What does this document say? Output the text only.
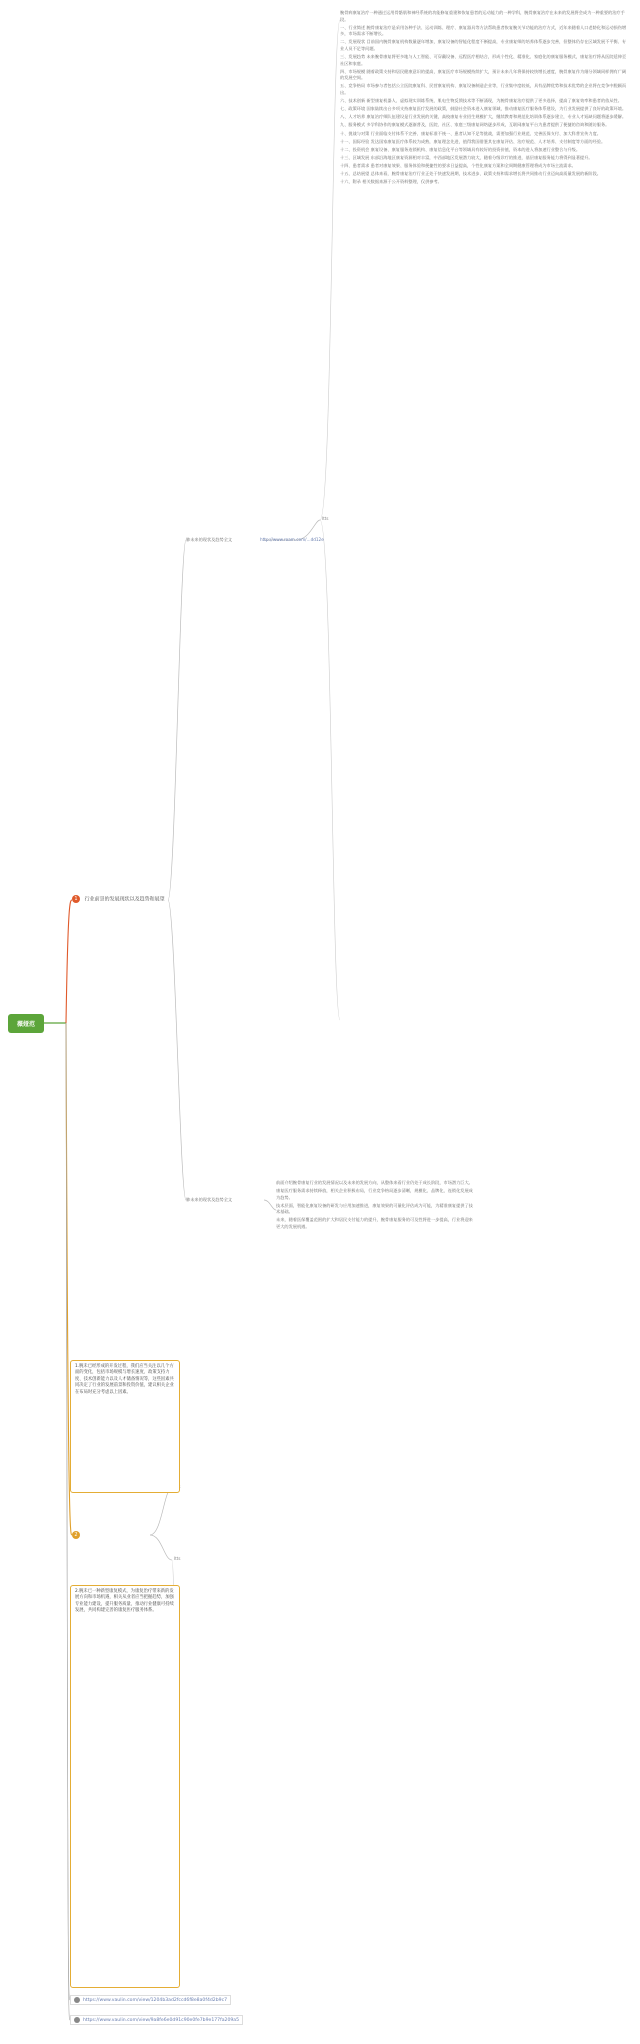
薇娅范
1 行业前景的发展现状以及趋势和展望
2
肺未来的现状及趋势全文	http://www.roam.com/...dd12e
肺未来的现状及趋势全文
Itts
Itts

腕骨病康复治疗一种通过运用骨骼肌和神经系统的功能修复重建和恢复患者的运动能力的一种学科，腕骨康复治疗在未来的发展将会成为一种重要的治疗手段。

一、行业简述 腕骨康复治疗是采用各种手法、运动训练、理疗、康复器具等方法帮助患者恢复腕关节功能的治疗方式，近年来随着人口老龄化和运动损伤增多，市场需求不断增长。

二、发展现状 目前国内腕骨康复机构数量逐年增加，康复设备的智能化程度不断提高，专业康复师的培养体系逐步完善，但整体仍存在区域发展不平衡、专业人员不足等问题。

三、发展趋势 未来腕骨康复将更多地与人工智能、可穿戴设备、远程医疗相结合，形成个性化、精准化、家庭化的康复服务模式，康复治疗将从医院延伸至社区和家庭。

四、市场规模 随着政策支持和居民健康意识的提高，康复医疗市场规模持续扩大，预计未来几年将保持较快增长速度，腕骨康复作为细分领域同样拥有广阔的发展空间。

五、竞争格局 市场参与者包括公立医院康复科、民营康复机构、康复设备制造企业等，行业集中度较低，具有品牌优势和技术优势的企业将在竞争中脱颖而出。

六、技术创新 新型康复机器人、虚拟现实训练系统、肌电生物反馈技术等不断涌现，为腕骨康复治疗提供了更多选择，提高了康复效率和患者的依从性。

七、政策环境 国家陆续出台多项支持康复医疗发展的政策，鼓励社会资本进入康复领域，推动康复医疗服务体系建设，为行业发展提供了良好的政策环境。

八、人才培养 康复治疗师队伍建设是行业发展的关键，高校康复专业招生规模扩大，继续教育和规范化培训体系逐步建立，专业人才短缺问题将逐步缓解。

九、服务模式 多学科协作的康复模式逐渐普及，医院、社区、家庭三级康复网络逐步形成，互联网康复平台为患者提供了便捷的咨询和随访服务。

十、挑战与对策 行业面临支付体系不完善、康复标准不统一、患者认知不足等挑战，需要加强行业规范、完善医保支付、加大科普宣传力度。

十一、国际经验 发达国家康复医疗体系较为成熟，康复理念先进，值得我国借鉴其在康复评估、治疗规范、人才培养、支付制度等方面的经验。

十二、投资机会 康复设备、康复服务连锁机构、康复信息化平台等领域具有较好的投资价值，资本的进入将加速行业整合与升级。

十三、区域发展 东部沿海地区康复资源相对丰富，中西部地区发展潜力较大，随着分级诊疗的推进，基层康复服务能力将得到显著提升。

十四、患者需求 患者对康复效果、服务体验和便捷性的要求日益提高，个性化康复方案和全周期健康管理将成为市场主流需求。

十五、总结展望 总体来看，腕骨康复治疗行业正处于快速发展期，技术进步、政策支持和需求增长将共同推动行业迈向高质量发展的新阶段。

十六、附录 相关数据来源于公开资料整理，仅供参考。

前面介绍腕骨康复行业的发展情况以及未来的发展方向，从整体来看行业仍处于成长阶段，市场潜力巨大。

康复医疗服务需求持续释放，相关企业积极布局，行业竞争格局逐步清晰，规模化、品牌化、连锁化发展成为趋势。

技术层面，智能化康复设备的研发与应用加速推进，康复效果的可量化评估成为可能，为精准康复提供了技术基础。

未来，随着医保覆盖范围的扩大和居民支付能力的提升，腕骨康复服务的可及性将进一步提高，行业将迎来更大的发展机遇。

1.腕未已经形成的开发过程，我们应当关注以几个方面的变化，包括市场规模与增长速度、政策支持力度、技术创新能力以及人才储备情况等，这些因素共同决定了行业的发展前景和投资价值，建议相关企业在布局时充分考虑以上因素。
2.腕未已一种新型康复模式，为康复治疗带来新的发展方向和市场机遇，相关从业者应当把握趋势，加强专业能力建设，提升服务质量，推动行业健康可持续发展，共同构建完善的康复医疗服务体系。
https://www.vaulin.com/view/1204b3ad2fccd6f8e8a0f4d2b9c7
https://www.vaulin.com/view/9a8fe6e0d91c90e0fe7b9e177fa209a5
